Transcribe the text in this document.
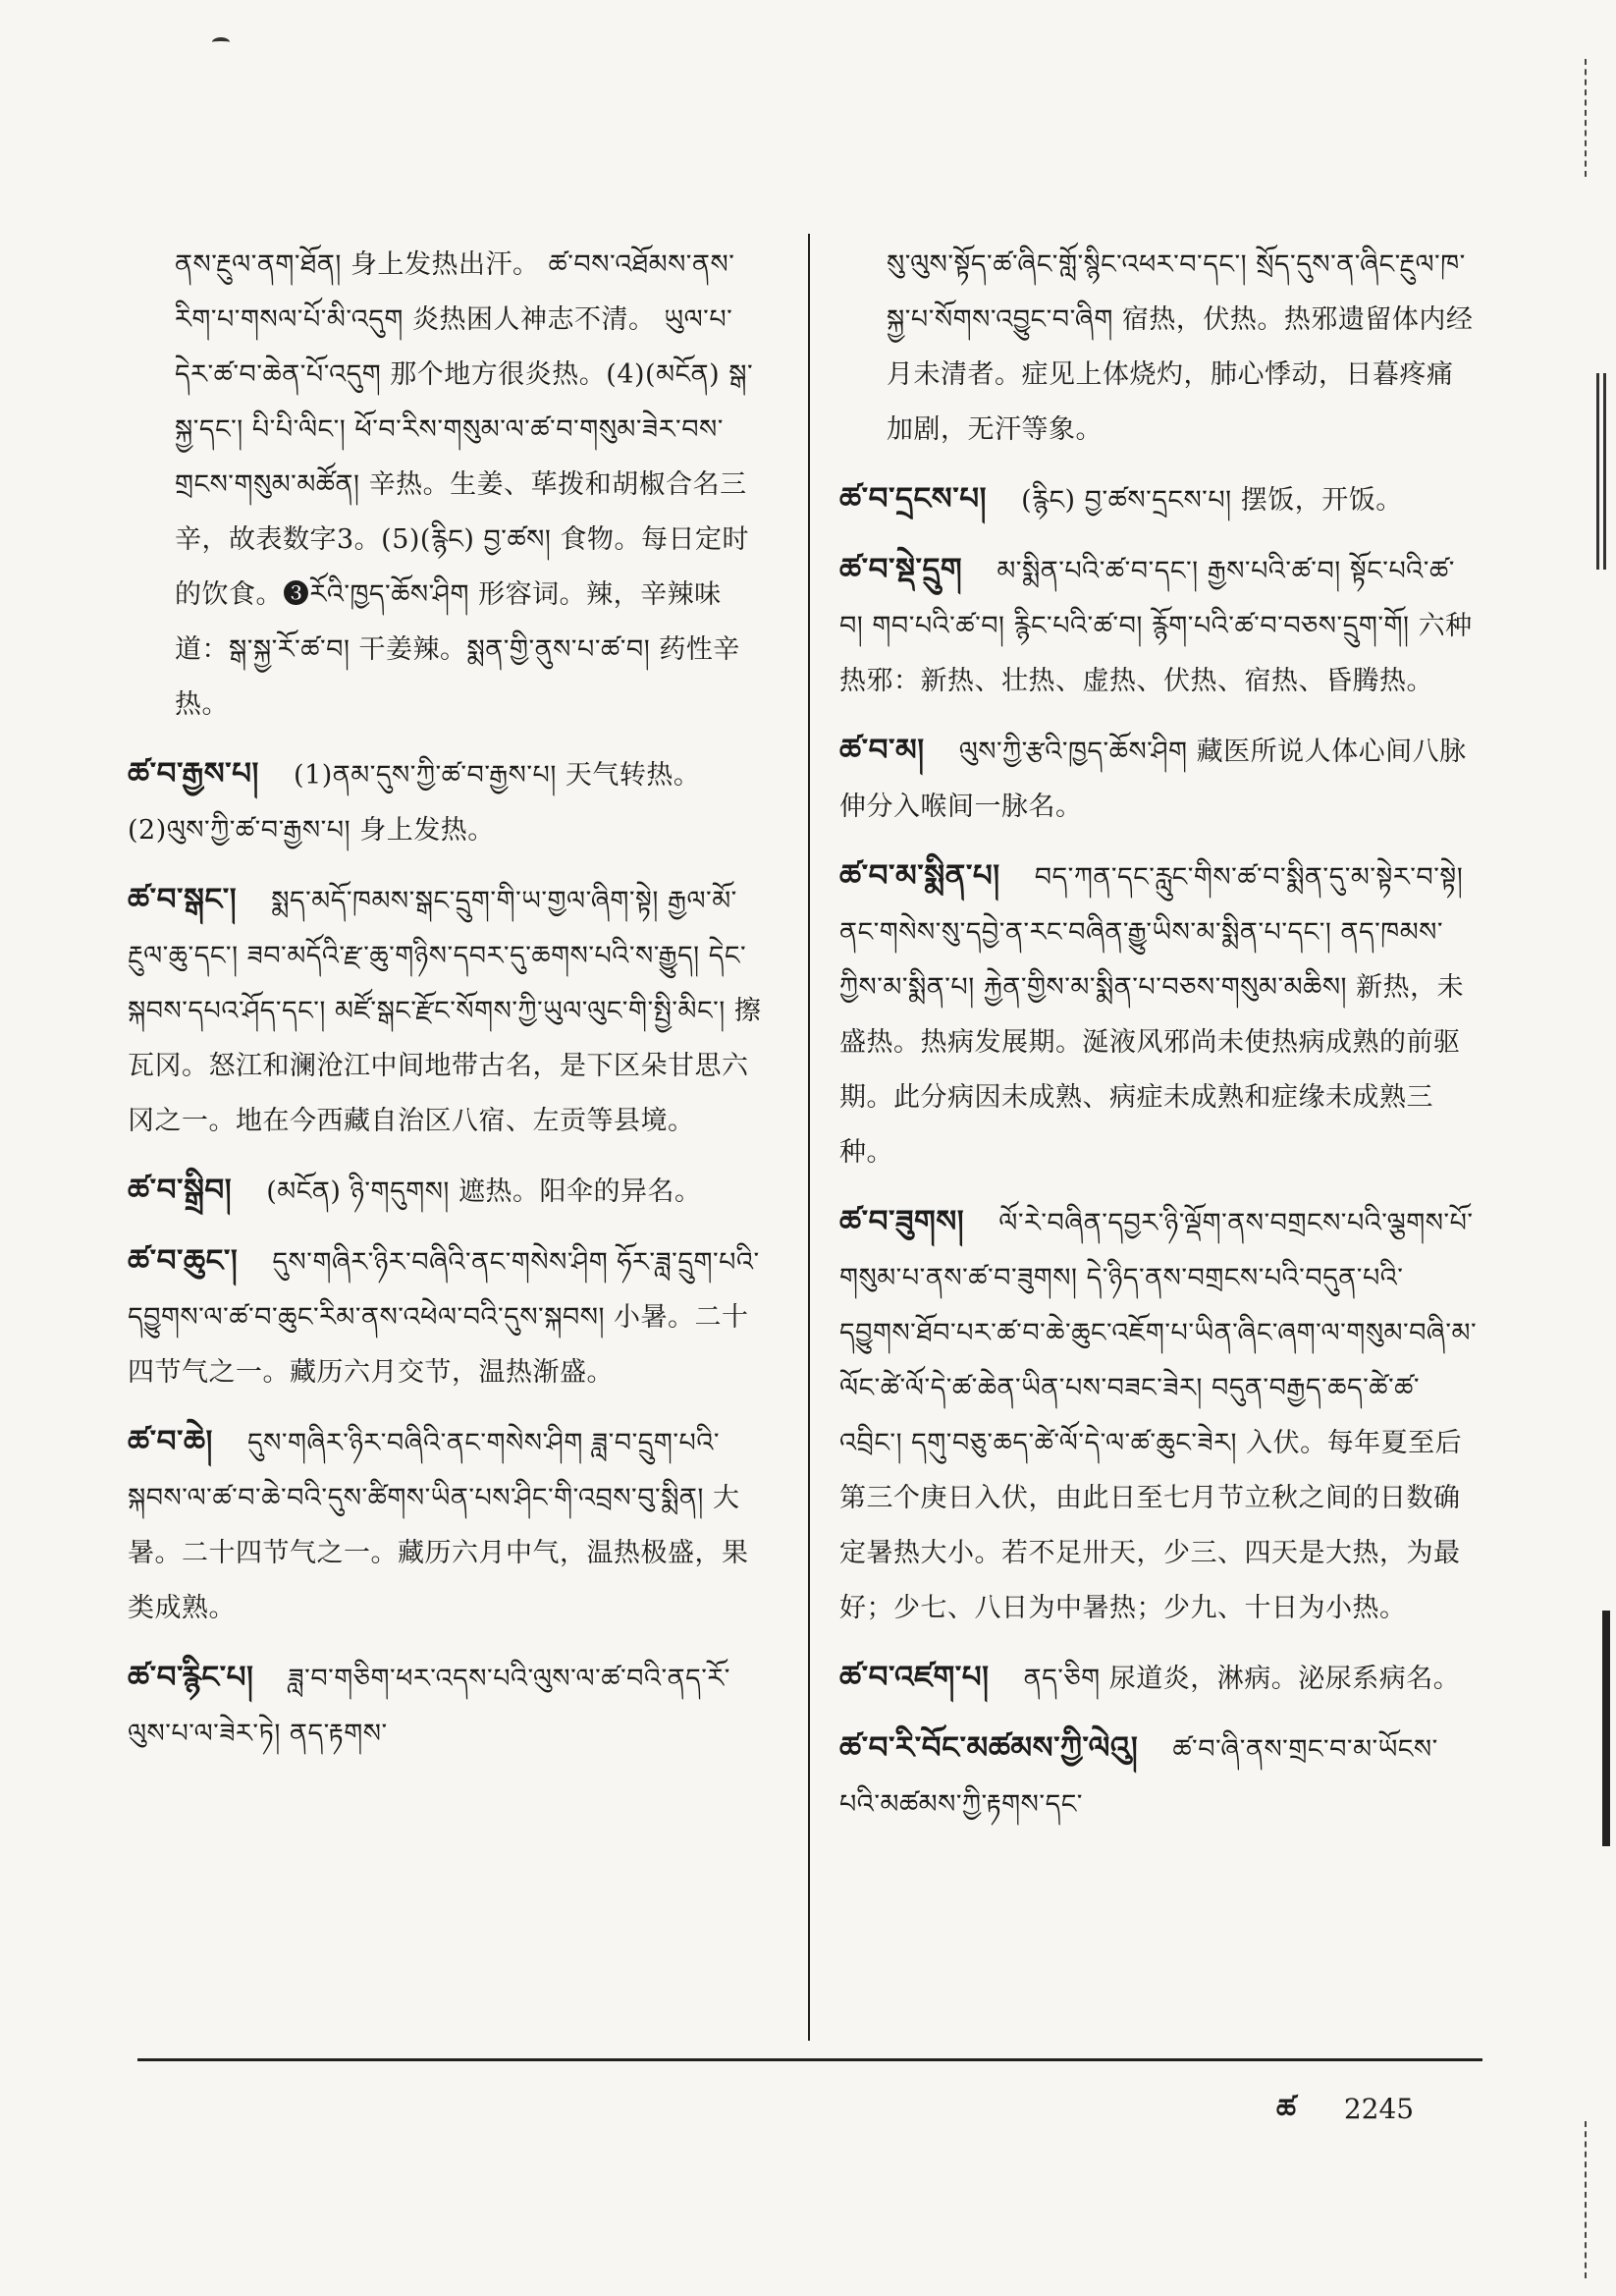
ནས་རྔུལ་ནག་ཐོན། 身上发热出汗。 ཚ་བས་འཐོམས་ནས་རིག་པ་གསལ་པོ་མི་འདུག 炎热困人神志不清。 ཡུལ་པ་དེར་ཚ་བ་ཆེན་པོ་འདུག 那个地方很炎热。(4)(མངོན) སྒ་སྐྱ་དང་། པི་པི་ལིང་། ཕོ་བ་རིས་གསུམ་ལ་ཚ་བ་གསུམ་ཟེར་བས་གྲངས་གསུམ་མཚོན། 辛热。生姜、荜拨和胡椒合名三辛，故表数字3。(5)(རྙིང) བྱ་ཚས། 食物。每日定时的饮食。❸རོའི་ཁྱད་ཆོས་ཤིག 形容词。辣，辛辣味道：སྒ་སྐྱ་རོ་ཚ་བ། 干姜辣。སྨན་གྱི་ནུས་པ་ཚ་བ། 药性辛热。
ཚ་བ་རྒྱས་པ། (1)ནམ་དུས་ཀྱི་ཚ་བ་རྒྱས་པ། 天气转热。(2)ལུས་ཀྱི་ཚ་བ་རྒྱས་པ། 身上发热。
ཚ་བ་སྒང་། སྨད་མདོ་ཁམས་སྒང་དྲུག་གི་ཡ་གྱལ་ཞིག་སྟེ། རྒྱལ་མོ་རྔུལ་ཆུ་དང་། ཟབ་མདོའི་རྫ་ཆུ་གཉིས་དབར་དུ་ཆགས་པའི་ས་རྒྱུད། དེང་སྐབས་དཔའ་ཤོད་དང་། མཛོ་སྒང་རྫོང་སོགས་ཀྱི་ཡུལ་ལུང་གི་སྤྱི་མིང་། 擦瓦冈。怒江和澜沧江中间地带古名，是下区朵甘思六冈之一。地在今西藏自治区八宿、左贡等县境。
ཚ་བ་སྒྲིབ། (མངོན) ཉི་གདུགས། 遮热。阳伞的异名。
ཚ་བ་ཆུང་། དུས་གཞིར་ཉིར་བཞིའི་ནང་གསེས་ཤིག ཧོར་ཟླ་དྲུག་པའི་དབྱུགས་ལ་ཚ་བ་ཆུང་རིམ་ནས་འཕེལ་བའི་དུས་སྐབས། 小暑。二十四节气之一。藏历六月交节，温热渐盛。
ཚ་བ་ཆེ། དུས་གཞིར་ཉིར་བཞིའི་ནང་གསེས་ཤིག ཟླ་བ་དྲུག་པའི་སྐབས་ལ་ཚ་བ་ཆེ་བའི་དུས་ཚིགས་ཡིན་པས་ཤིང་གི་འབྲས་བུ་སྨིན། 大暑。二十四节气之一。藏历六月中气，温热极盛，果类成熟。
ཚ་བ་རྙིང་པ། ཟླ་བ་གཅིག་ཕར་འདས་པའི་ལུས་ལ་ཚ་བའི་ནད་རོ་ལུས་པ་ལ་ཟེར་ཏེ། ནད་རྟགས་
སུ་ལུས་སྟོད་ཚ་ཞིང་གློ་སྙིང་འཕར་བ་དང་། སྲོད་དུས་ན་ཞིང་རྔུལ་ཁ་སྐྱ་པ་སོགས་འབྱུང་བ་ཞིག 宿热，伏热。热邪遗留体内经月未清者。症见上体烧灼，肺心悸动，日暮疼痛加剧，无汗等象。
ཚ་བ་དྲངས་པ། (རྙིང) བྱ་ཚས་དྲངས་པ། 摆饭，开饭。
ཚ་བ་སྡེ་དྲུག མ་སྨིན་པའི་ཚ་བ་དང་། རྒྱས་པའི་ཚ་བ། སྟོང་པའི་ཚ་བ། གབ་པའི་ཚ་བ། རྙིང་པའི་ཚ་བ། རྙོག་པའི་ཚ་བ་བཅས་དྲུག་གོ། 六种热邪：新热、壮热、虚热、伏热、宿热、昏腾热。
ཚ་བ་མ། ལུས་ཀྱི་རྩའི་ཁྱད་ཆོས་ཤིག 藏医所说人体心间八脉伸分入喉间一脉名。
ཚ་བ་མ་སྨིན་པ། བད་ཀན་དང་རླུང་གིས་ཚ་བ་སྨིན་དུ་མ་སྟེར་བ་སྟེ། ནང་གསེས་སུ་དབྱེ་ན་རང་བཞིན་རྒྱུ་ཡིས་མ་སྨིན་པ་དང་། ནད་ཁམས་ཀྱིས་མ་སྨིན་པ། རྐྱེན་གྱིས་མ་སྨིན་པ་བཅས་གསུམ་མཆིས། 新热，未盛热。热病发展期。涎液风邪尚未使热病成熟的前驱期。此分病因未成熟、病症未成熟和症缘未成熟三种。
ཚ་བ་ཟུགས། ལོ་རེ་བཞིན་དབྱར་ཉི་ལྡོག་ནས་བགྲངས་པའི་ལྕགས་པོ་གསུམ་པ་ནས་ཚ་བ་ཟུགས། དེ་ཉིད་ནས་བགྲངས་པའི་བདུན་པའི་དབྱུགས་ཐོབ་པར་ཚ་བ་ཆེ་ཆུང་འཇོག་པ་ཡིན་ཞིང་ཞག་ལ་གསུམ་བཞི་མ་ལོང་ཚེ་ལོ་དེ་ཚ་ཆེན་ཡིན་པས་བཟང་ཟེར། བདུན་བརྒྱད་ཆད་ཚེ་ཚ་འབྲིང་། དགུ་བཅུ་ཆད་ཚེ་ལོ་དེ་ལ་ཚ་ཆུང་ཟེར། 入伏。每年夏至后第三个庚日入伏，由此日至七月节立秋之间的日数确定暑热大小。若不足卅天，少三、四天是大热，为最好；少七、八日为中暑热；少九、十日为小热。
ཚ་བ་འཛག་པ། ནད་ཅིག 尿道炎，淋病。泌尿系病名。
ཚ་བ་རི་བོང་མཚམས་ཀྱི་ལེའུ། ཚ་བ་ཞི་ནས་གྲང་བ་མ་ཡོངས་པའི་མཚམས་ཀྱི་རྟགས་དང་
ཚ 2245
